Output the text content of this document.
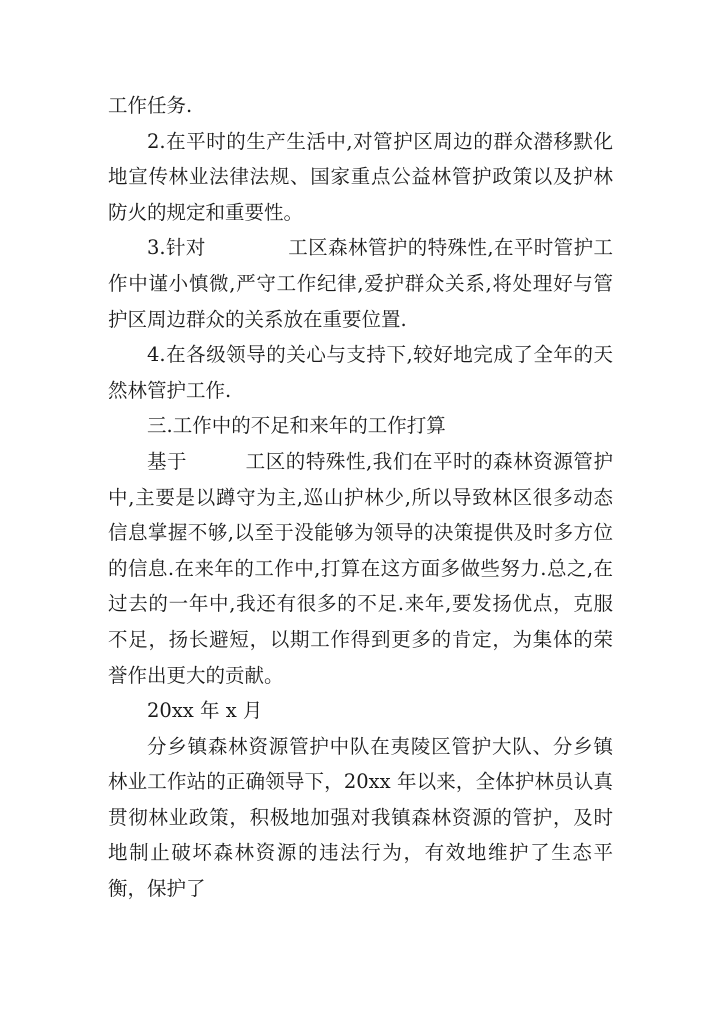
工作任务.

2.在平时的生产生活中,对管护区周边的群众潜移默化地宣传林业法律法规、国家重点公益林管护政策以及护林防火的规定和重要性。

3.针对	工区森林管护的特殊性,在平时管护工作中谨小慎微,严守工作纪律,爱护群众关系,将处理好与管护区周边群众的关系放在重要位置.

4.在各级领导的关心与支持下,较好地完成了全年的天然林管护工作.

三.工作中的不足和来年的工作打算

基于	工区的特殊性,我们在平时的森林资源管护中,主要是以蹲守为主,巡山护林少,所以导致林区很多动态信息掌握不够,以至于没能够为领导的决策提供及时多方位的信息.在来年的工作中,打算在这方面多做些努力.总之,在过去的一年中,我还有很多的不足.来年,要发扬优点，克服不足，扬长避短，以期工作得到更多的肯定，为集体的荣誉作出更大的贡献。

20xx 年 x 月

分乡镇森林资源管护中队在夷陵区管护大队、分乡镇林业工作站的正确领导下，20xx 年以来，全体护林员认真贯彻林业政策，积极地加强对我镇森林资源的管护，及时地制止破坏森林资源的违法行为，有效地维护了生态平衡，保护了
